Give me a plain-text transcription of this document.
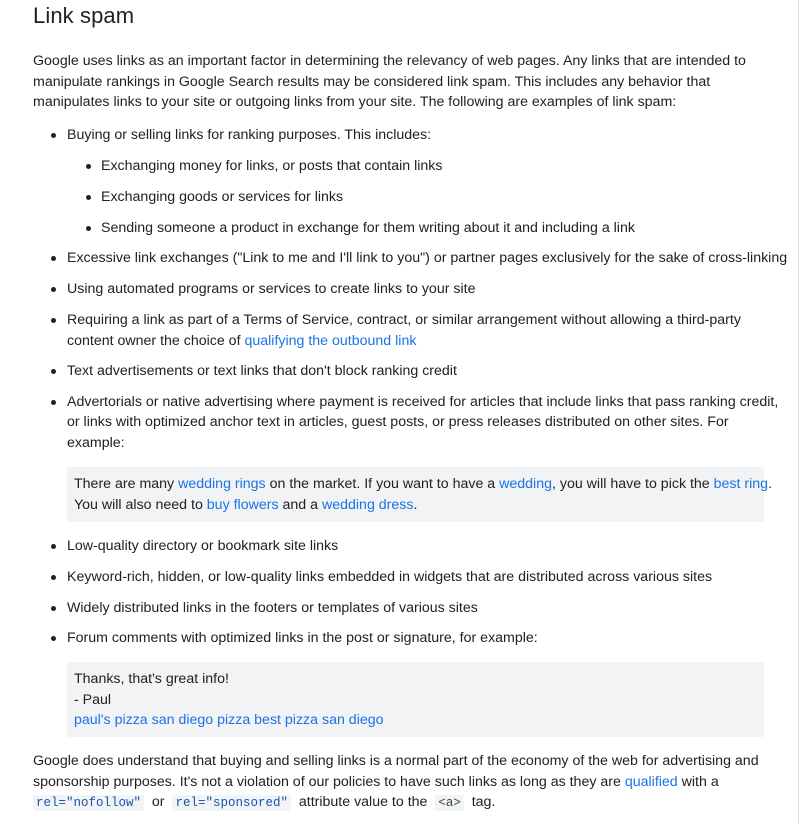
Link spam

Google uses links as an important factor in determining the relevancy of web pages. Any links that are intended to manipulate rankings in Google Search results may be considered link spam. This includes any behavior that manipulates links to your site or outgoing links from your site. The following are examples of link spam:

Buying or selling links for ranking purposes. This includes:

Exchanging money for links, or posts that contain links

Exchanging goods or services for links

Sending someone a product in exchange for them writing about it and including a link

Excessive link exchanges ("Link to me and I'll link to you") or partner pages exclusively for the sake of cross-linking

Using automated programs or services to create links to your site

Requiring a link as part of a Terms of Service, contract, or similar arrangement without allowing a third-party

content owner the choice of qualifying the outbound link

Text advertisements or text links that don't block ranking credit

Advertorials or native advertising where payment is received for articles that include links that pass ranking credit,

or links with optimized anchor text in articles, guest posts, or press releases distributed on other sites. For

example:

There are many wedding rings on the market. If you want to have a wedding, you will have to pick the best ring.
You will also need to buy flowers and a wedding dress.

Low-quality directory or bookmark site links

Keyword-rich, hidden, or low-quality links embedded in widgets that are distributed across various sites

Widely distributed links in the footers or templates of various sites

Forum comments with optimized links in the post or signature, for example:

Thanks, that's great info!
- Paul
paul's pizza san diego pizza best pizza san diego

Google does understand that buying and selling links is a normal part of the economy of the web for advertising and

sponsorship purposes. It's not a violation of our policies to have such links as long as they are qualified with a

rel="nofollow" or rel="sponsored" attribute value to the <a> tag.
